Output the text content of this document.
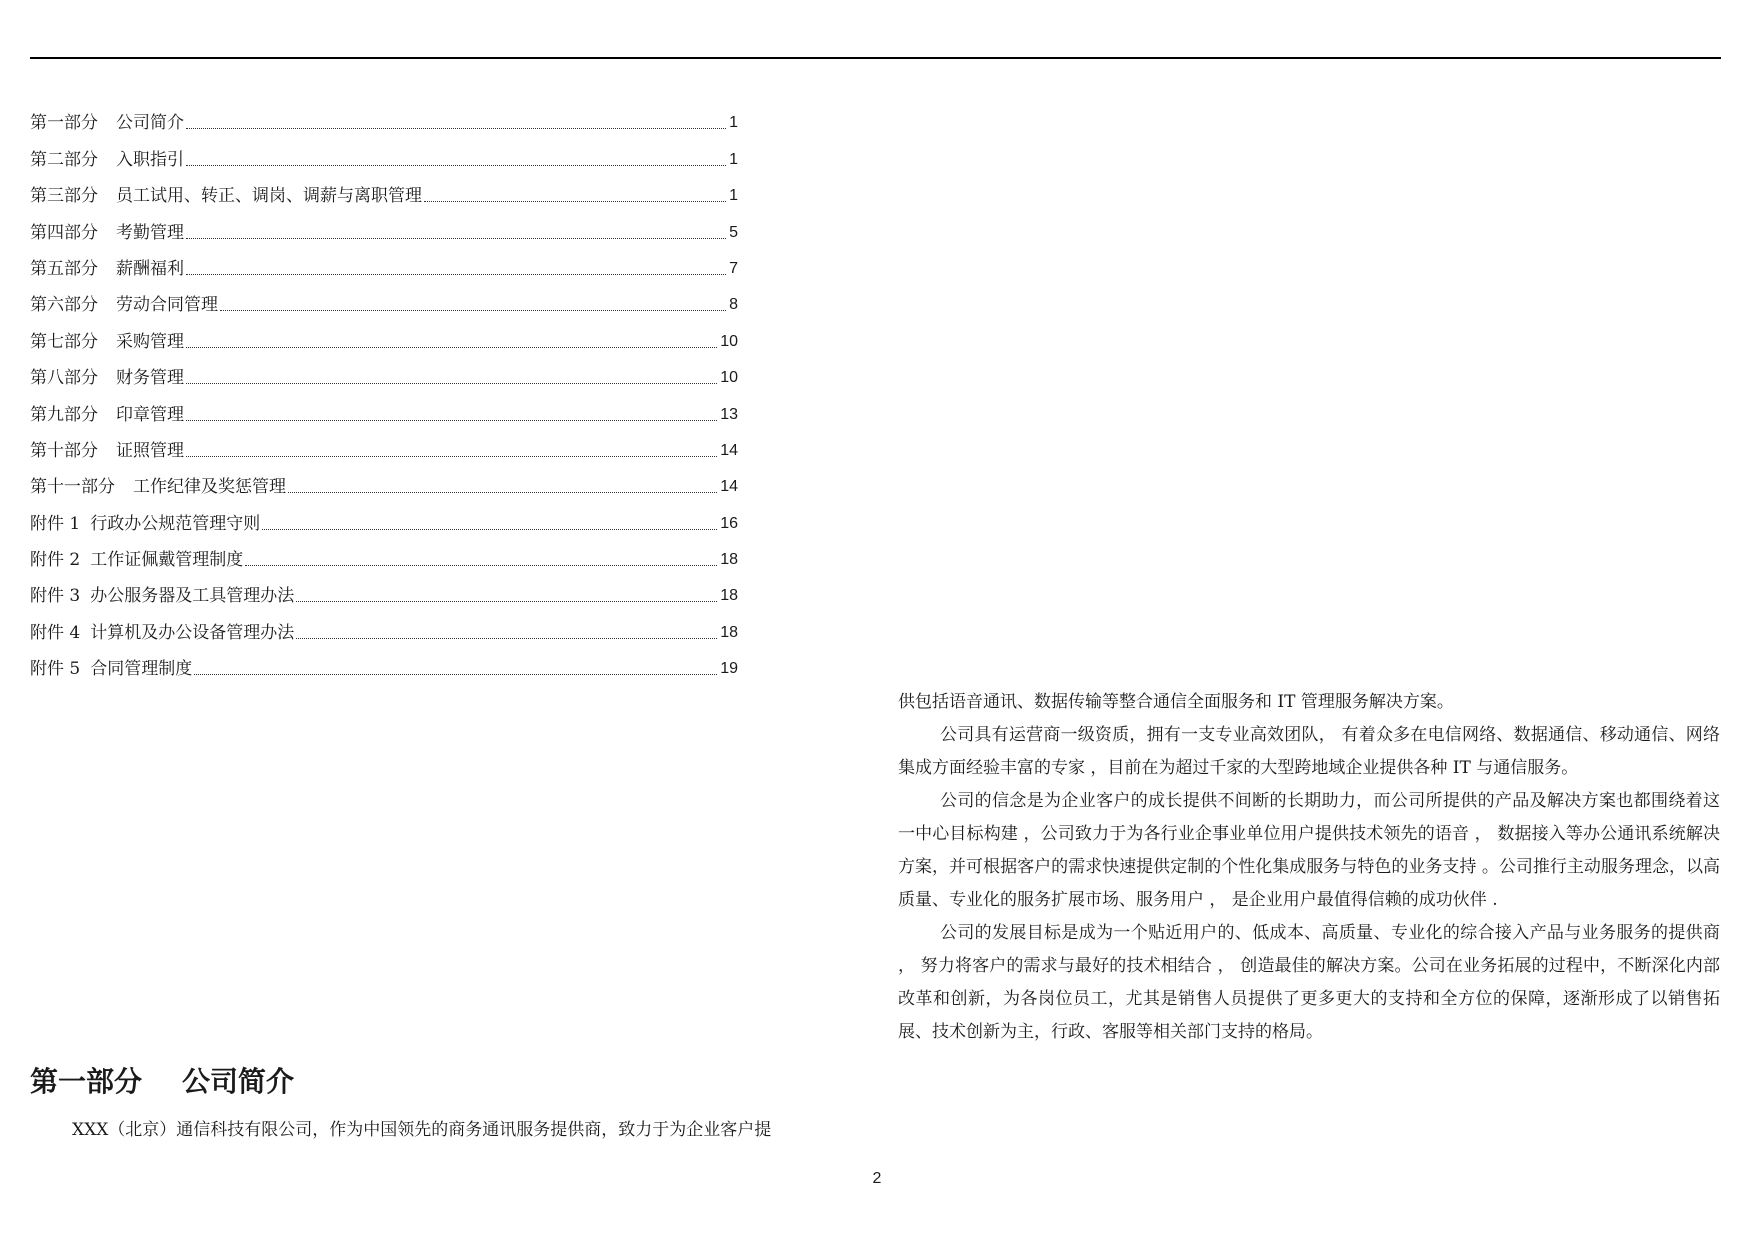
第一部分	公司简介	1
第二部分	入职指引	1
第三部分	员工试用、转正、调岗、调薪与离职管理	1
第四部分	考勤管理	5
第五部分	薪酬福利	7
第六部分	劳动合同管理	8
第七部分	采购管理	10
第八部分	财务管理	10
第九部分	印章管理	13
第十部分	证照管理	14
第十一部分	工作纪律及奖惩管理	14
附件 1 行政办公规范管理守则	16
附件 2 工作证佩戴管理制度	18
附件 3 办公服务器及工具管理办法	18
附件 4 计算机及办公设备管理办法	18
附件 5 合同管理制度	19
第一部分 公司简介

XXX（北京）通信科技有限公司，作为中国领先的商务通讯服务提供商，致力于为企业客户提

供包括语音通讯、数据传输等整合通信全面服务和 IT 管理服务解决方案。

公司具有运营商一级资质，拥有一支专业高效团队， 有着众多在电信网络、数据通信、移动通信、网络集成方面经验丰富的专家 ，目前在为超过千家的大型跨地域企业提供各种 IT 与通信服务。

公司的信念是为企业客户的成长提供不间断的长期助力，而公司所提供的产品及解决方案也都围绕着这一中心目标构建 ，公司致力于为各行业企事业单位用户提供技术领先的语音 ， 数据接入等办公通讯系统解决方案，并可根据客户的需求快速提供定制的个性化集成服务与特色的业务支持 。公司推行主动服务理念，以高质量、专业化的服务扩展市场、服务用户 ， 是企业用户最值得信赖的成功伙伴 .

公司的发展目标是成为一个贴近用户的、低成本、高质量、专业化的综合接入产品与业务服务的提供商 ， 努力将客户的需求与最好的技术相结合 ， 创造最佳的解决方案。公司在业务拓展的过程中，不断深化内部改革和创新，为各岗位员工，尤其是销售人员提供了更多更大的支持和全方位的保障，逐渐形成了以销售拓展、技术创新为主，行政、客服等相关部门支持的格局。

2
